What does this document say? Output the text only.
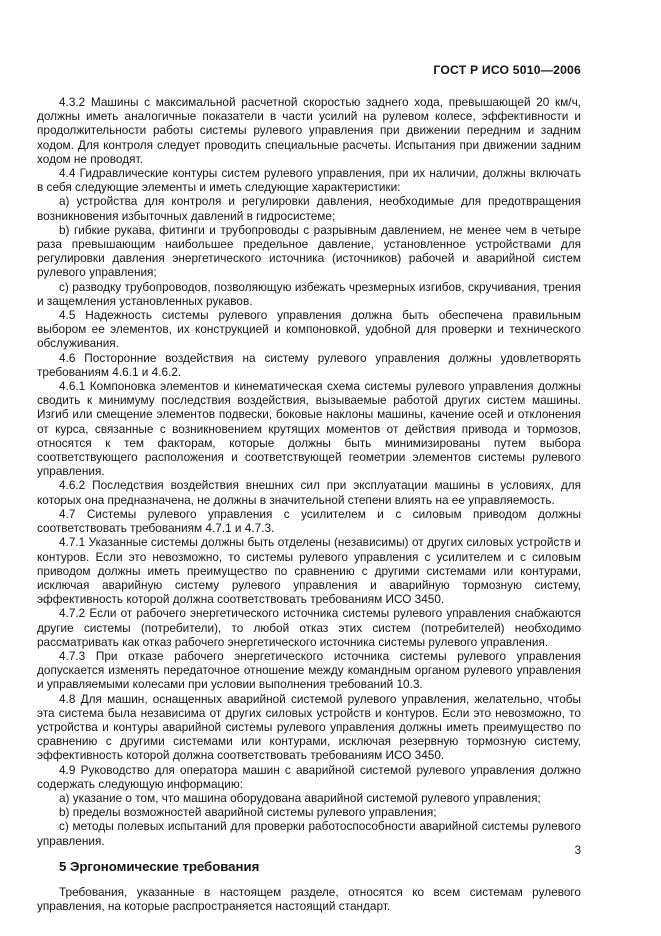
ГОСТ Р ИСО 5010—2006

4.3.2 Машины с максимальной расчетной скоростью заднего хода, превышающей 20 км/ч, должны иметь аналогичные показатели в части усилий на рулевом колесе, эффективности и продолжительности работы системы рулевого управления при движении передним и задним ходом. Для контроля следует проводить специальные расчеты. Испытания при движении задним ходом не проводят.

4.4 Гидравлические контуры систем рулевого управления, при их наличии, должны включать в себя следующие элементы и иметь следующие характеристики:

a) устройства для контроля и регулировки давления, необходимые для предотвращения возникновения избыточных давлений в гидросистеме;

b) гибкие рукава, фитинги и трубопроводы с разрывным давлением, не менее чем в четыре раза превышающим наибольшее предельное давление, установленное устройствами для регулировки давления энергетического источника (источников) рабочей и аварийной систем рулевого управления;

c) разводку трубопроводов, позволяющую избежать чрезмерных изгибов, скручивания, трения и защемления установленных рукавов.

4.5 Надежность системы рулевого управления должна быть обеспечена правильным выбором ее элементов, их конструкцией и компоновкой, удобной для проверки и технического обслуживания.

4.6 Посторонние воздействия на систему рулевого управления должны удовлетворять требованиям 4.6.1 и 4.6.2.

4.6.1 Компоновка элементов и кинематическая схема системы рулевого управления должны сводить к минимуму последствия воздействия, вызываемые работой других систем машины. Изгиб или смещение элементов подвески, боковые наклоны машины, качение осей и отклонения от курса, связанные с возникновением крутящих моментов от действия привода и тормозов, относятся к тем факторам, которые должны быть минимизированы путем выбора соответствующего расположения и соответствующей геометрии элементов системы рулевого управления.

4.6.2 Последствия воздействия внешних сил при эксплуатации машины в условиях, для которых она предназначена, не должны в значительной степени влиять на ее управляемость.

4.7 Системы рулевого управления с усилителем и с силовым приводом должны соответствовать требованиям 4.7.1 и 4.7.3.

4.7.1 Указанные системы должны быть отделены (независимы) от других силовых устройств и контуров. Если это невозможно, то системы рулевого управления с усилителем и с силовым приводом должны иметь преимущество по сравнению с другими системами или контурами, исключая аварийную систему рулевого управления и аварийную тормозную систему, эффективность которой должна соответствовать требованиям ИСО 3450.

4.7.2 Если от рабочего энергетического источника системы рулевого управления снабжаются другие системы (потребители), то любой отказ этих систем (потребителей) необходимо рассматривать как отказ рабочего энергетического источника системы рулевого управления.

4.7.3 При отказе рабочего энергетического источника системы рулевого управления допускается изменять передаточное отношение между командным органом рулевого управления и управляемыми колесами при условии выполнения требований 10.3.

4.8 Для машин, оснащенных аварийной системой рулевого управления, желательно, чтобы эта система была независима от других силовых устройств и контуров. Если это невозможно, то устройства и контуры аварийной системы рулевого управления должны иметь преимущество по сравнению с другими системами или контурами, исключая резервную тормозную систему, эффективность которой должна соответствовать требованиям ИСО 3450.

4.9 Руководство для оператора машин с аварийной системой рулевого управления должно содержать следующую информацию:

a) указание о том, что машина оборудована аварийной системой рулевого управления;

b) пределы возможностей аварийной системы рулевого управления;

c) методы полевых испытаний для проверки работоспособности аварийной системы рулевого управления.

5 Эргономические требования

Требования, указанные в настоящем разделе, относятся ко всем системам рулевого управления, на которые распространяется настоящий стандарт.

3
